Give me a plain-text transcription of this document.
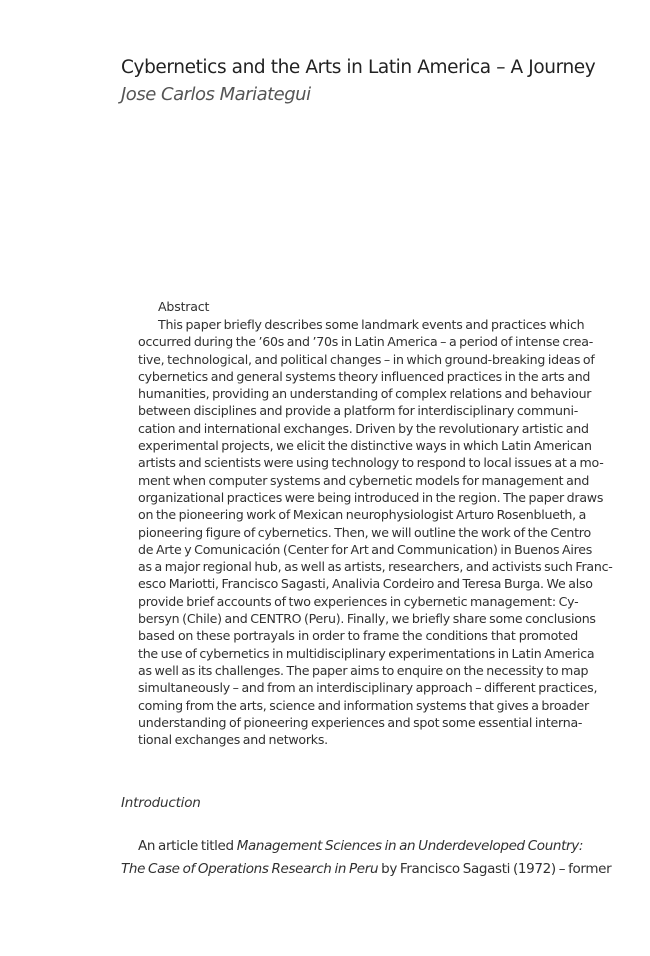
Cybernetics and the Arts in Latin America – A Journey
Jose Carlos Mariategui
Abstract
This paper briefly describes some landmark events and practices which
occurred during the ’60s and ’70s in Latin America – a period of intense crea-
tive, technological, and political changes – in which ground-breaking ideas of
cybernetics and general systems theory influenced practices in the arts and
humanities, providing an understanding of complex relations and behaviour
between disciplines and provide a platform for interdisciplinary communi-
cation and international exchanges. Driven by the revolutionary artistic and
experimental projects, we elicit the distinctive ways in which Latin American
artists and scientists were using technology to respond to local issues at a mo-
ment when computer systems and cybernetic models for management and
organizational practices were being introduced in the region. The paper draws
on the pioneering work of Mexican neurophysiologist Arturo Rosenblueth, a
pioneering figure of cybernetics. Then, we will outline the work of the Centro
de Arte y Comunicación (Center for Art and Communication) in Buenos Aires
as a major regional hub, as well as artists, researchers, and activists such Franc-
esco Mariotti, Francisco Sagasti, Analivia Cordeiro and Teresa Burga. We also
provide brief accounts of two experiences in cybernetic management: Cy-
bersyn (Chile) and CENTRO (Peru). Finally, we briefly share some conclusions
based on these portrayals in order to frame the conditions that promoted
the use of cybernetics in multidisciplinary experimentations in Latin America
as well as its challenges. The paper aims to enquire on the necessity to map
simultaneously – and from an interdisciplinary approach – different practices,
coming from the arts, science and information systems that gives a broader
understanding of pioneering experiences and spot some essential interna-
tional exchanges and networks.
Introduction
An article titled Management Sciences in an Underdeveloped Country:
The Case of Operations Research in Peru by Francisco Sagasti (1972) – former
